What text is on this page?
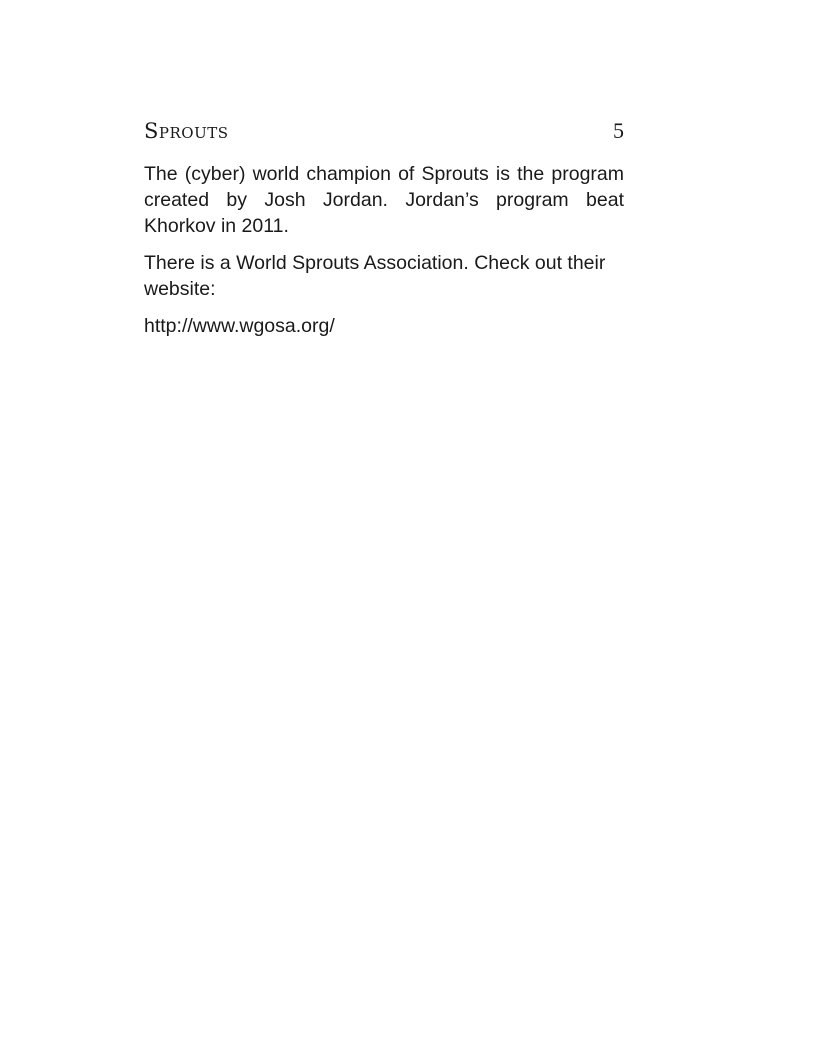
Sprouts	5

The (cyber) world champion of Sprouts is the program created by Josh Jordan. Jordan’s program beat Khorkov in 2011.

There is a World Sprouts Association. Check out their website:

http://www.wgosa.org/
